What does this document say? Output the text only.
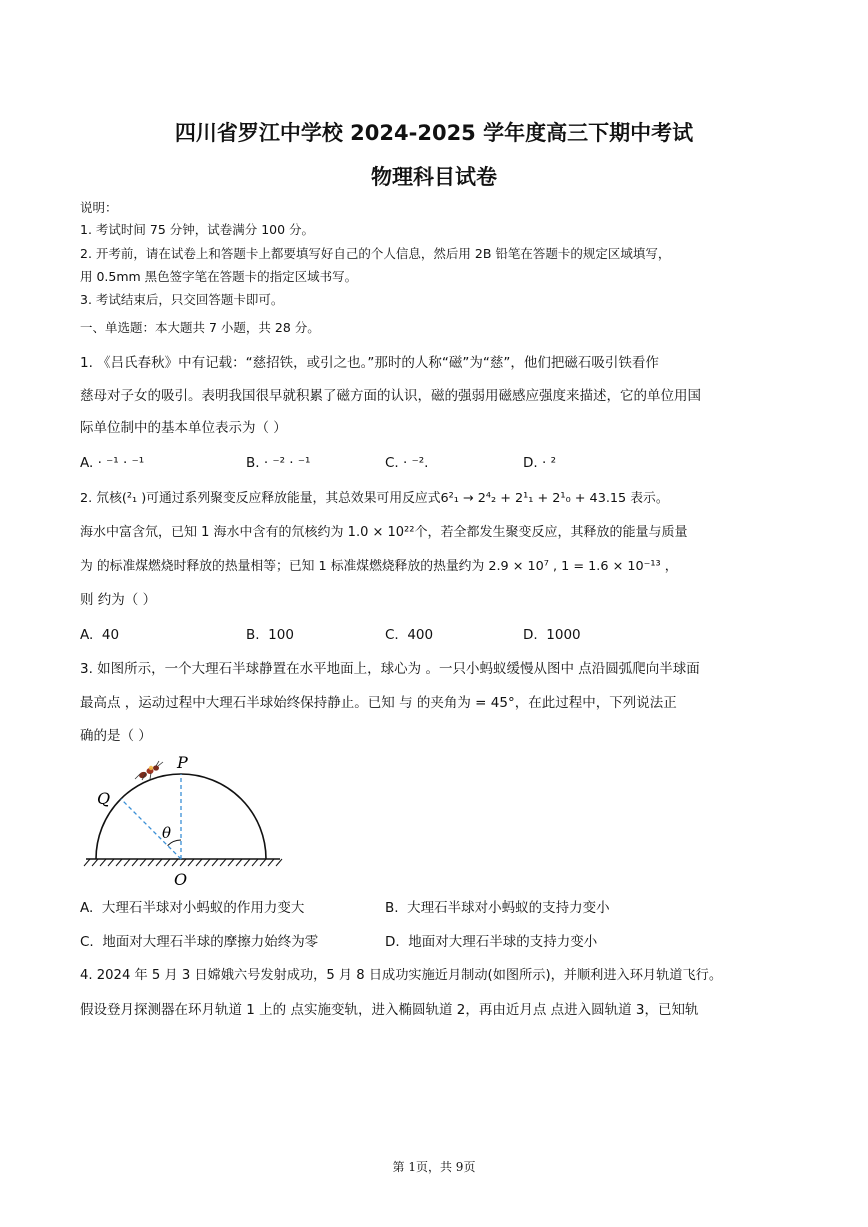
四川省罗江中学校 2024-2025 学年度高三下期中考试
物理科目试卷
说明：
1. 考试时间 75 分钟，试卷满分 100 分。
2. 开考前，请在试卷上和答题卡上都要填写好自己的个人信息，然后用 2B 铅笔在答题卡的规定区域填写，
用 0.5mm 黑色签字笔在答题卡的指定区域书写。
3. 考试结束后，只交回答题卡即可。
一、单选题：本大题共 7 小题，共 28 分。
1. 《吕氏春秋》中有记载：“慈招铁，或引之也。”那时的人称“磁”为“慈”，他们把磁石吸引铁看作
慈母对子女的吸引。表明我国很早就积累了磁方面的认识，磁的强弱用磁感应强度来描述，它的单位用国
际单位制中的基本单位表示为（ ）
A. · ⁻¹ · ⁻¹	B. · ⁻² · ⁻¹	C. · ⁻².	D. · ²
2. 氘核(²₁ )可通过系列聚变反应释放能量，其总效果可用反应式6²₁ → 2⁴₂ + 2¹₁ + 2¹₀ + 43.15 表示。
海水中富含氘，已知 1 海水中含有的氘核约为 1.0 × 10²²个，若全都发生聚变反应，其释放的能量与质量
为 的标准煤燃烧时释放的热量相等；已知 1 标准煤燃烧释放的热量约为 2.9 × 10⁷ , 1 = 1.6 × 10⁻¹³ ，
则 约为（ ）
A. 40	B. 100	C. 400	D. 1000
3. 如图所示，一个大理石半球静置在水平地面上，球心为 。一只小蚂蚁缓慢从图中 点沿圆弧爬向半球面
最高点 ，运动过程中大理石半球始终保持静止。已知 与 的夹角为 = 45°，在此过程中，下列说法正
确的是（ ）
P
Q
O
θ
A. 大理石半球对小蚂蚁的作用力变大	B. 大理石半球对小蚂蚁的支持力变小
C. 地面对大理石半球的摩擦力始终为零	D. 地面对大理石半球的支持力变小
4. 2024 年 5 月 3 日嫦娥六号发射成功，5 月 8 日成功实施近月制动(如图所示)，并顺利进入环月轨道飞行。
假设登月探测器在环月轨道 1 上的 点实施变轨，进入椭圆轨道 2，再由近月点 点进入圆轨道 3，已知轨
第 1页，共 9页
